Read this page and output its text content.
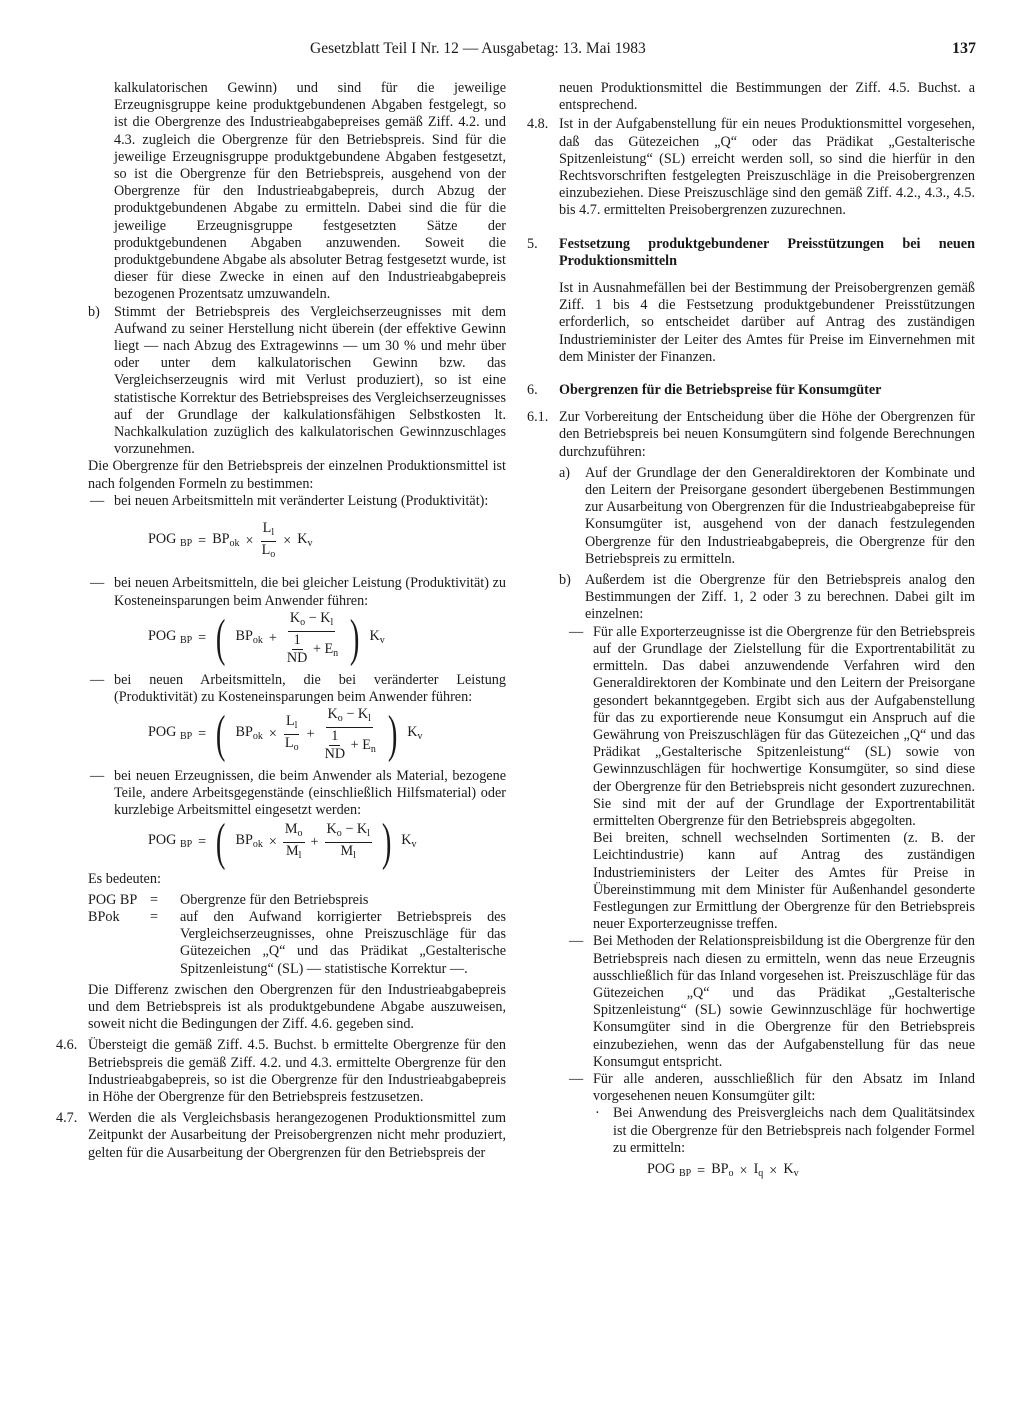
Gesetzblatt Teil I Nr. 12 — Ausgabetag: 13. Mai 1983	137

kalkulatorischen Gewinn) und sind für die jeweilige Erzeugnisgruppe keine produktgebundenen Abgaben festgelegt, so ist die Obergrenze des Industrieabgabepreises gemäß Ziff. 4.2. und 4.3. zugleich die Obergrenze für den Betriebspreis. Sind für die jeweilige Erzeugnisgruppe produktgebundene Abgaben festgesetzt, so ist die Obergrenze für den Betriebspreis, ausgehend von der Obergrenze für den Industrieabgabepreis, durch Abzug der produktgebundenen Abgabe zu ermitteln. Dabei sind die für die jeweilige Erzeugnisgruppe festgesetzten Sätze der produktgebundenen Abgaben anzuwenden. Soweit die produktgebundene Abgabe als absoluter Betrag festgesetzt wurde, ist dieser für diese Zwecke in einen auf den Industrieabgabepreis bezogenen Prozentsatz umzuwandeln.

b) Stimmt der Betriebspreis des Vergleichserzeugnisses mit dem Aufwand zu seiner Herstellung nicht überein (der effektive Gewinn liegt — nach Abzug des Extragewinns — um 30 % und mehr über oder unter dem kalkulatorischen Gewinn bzw. das Vergleichserzeugnis wird mit Verlust produziert), so ist eine statistische Korrektur des Betriebspreises des Vergleichserzeugnisses auf der Grundlage der kalkulationsfähigen Selbstkosten lt. Nachkalkulation zuzüglich des kalkulatorischen Gewinnzuschlages vorzunehmen.

Die Obergrenze für den Betriebspreis der einzelnen Produktionsmittel ist nach folgenden Formeln zu bestimmen:

— bei neuen Arbeitsmitteln mit veränderter Leistung (Produktivität):
POG $_{BP} = BP_{ok} \times \frac{L_l}{L_o} \times K_v$
— bei neuen Arbeitsmitteln, die bei gleicher Leistung (Produktivität) zu Kosteneinsparungen beim Anwender führen:
POG $_{BP}$ = ( $BP_{ok} + \frac{K_o - K_l}{\frac{1}{ND} + E_n}$ ) $K_v$
— bei neuen Arbeitsmitteln, die bei veränderter Leistung (Produktivität) zu Kosteneinsparungen beim Anwender führen:
POG $_{BP}$ = ( $BP_{ok} \times \frac{L_l}{L_o} + \frac{K_o - K_l}{\frac{1}{ND} + E_n}$ ) $K_v$
— bei neuen Erzeugnissen, die beim Anwender als Material, bezogene Teile, andere Arbeitsgegenstände (einschließlich Hilfsmaterial) oder kurzlebige Arbeitsmittel eingesetzt werden:
POG $_{BP}$ = ( $BP_{ok} \times \frac{M_o}{M_l} + \frac{K_o - K_l}{M_l}$ ) $K_v$

Es bedeuten:

POG BP =	Obergrenze für den Betriebspreis
BPok	=	auf den Aufwand korrigierter Betriebspreis des Vergleichserzeugnisses, ohne Preiszuschläge für das Gütezeichen „Q“ und das Prädikat „Gestalterische Spitzenleistung“ (SL) — statistische Korrektur —.

Die Differenz zwischen den Obergrenzen für den Industrieabgabepreis und dem Betriebspreis ist als produktgebundene Abgabe auszuweisen, soweit nicht die Bedingungen der Ziff. 4.6. gegeben sind.

4.6. Übersteigt die gemäß Ziff. 4.5. Buchst. b ermittelte Obergrenze für den Betriebspreis die gemäß Ziff. 4.2. und 4.3. ermittelte Obergrenze für den Industrieabgabepreis, so ist die Obergrenze für den Industrieabgabepreis in Höhe der Obergrenze für den Betriebspreis festzusetzen.
4.7. Werden die als Vergleichsbasis herangezogenen Produktionsmittel zum Zeitpunkt der Ausarbeitung der Preisobergrenzen nicht mehr produziert, gelten für die Ausarbeitung der Obergrenzen für den Betriebspreis der

neuen Produktionsmittel die Bestimmungen der Ziff. 4.5. Buchst. a entsprechend.

4.8. Ist in der Aufgabenstellung für ein neues Produktionsmittel vorgesehen, daß das Gütezeichen „Q“ oder das Prädikat „Gestalterische Spitzenleistung“ (SL) erreicht werden soll, so sind die hierfür in den Rechtsvorschriften festgelegten Preiszuschläge in die Preisobergrenzen einzubeziehen. Diese Preiszuschläge sind den gemäß Ziff. 4.2., 4.3., 4.5. bis 4.7. ermittelten Preisobergrenzen zuzurechnen.
5. Festsetzung produktgebundener Preisstützungen bei neuen Produktionsmitteln

Ist in Ausnahmefällen bei der Bestimmung der Preisobergrenzen gemäß Ziff. 1 bis 4 die Festsetzung produktgebundener Preisstützungen erforderlich, so entscheidet darüber auf Antrag des zuständigen Industrieminister der Leiter des Amtes für Preise im Einvernehmen mit dem Minister der Finanzen.

6. Obergrenzen für die Betriebspreise für Konsumgüter
6.1. Zur Vorbereitung der Entscheidung über die Höhe der Obergrenzen für den Betriebspreis bei neuen Konsumgütern sind folgende Berechnungen durchzuführen:
a) Auf der Grundlage der den Generaldirektoren der Kombinate und den Leitern der Preisorgane gesondert übergebenen Bestimmungen zur Ausarbeitung von Obergrenzen für die Industrieabgabepreise für Konsumgüter ist, ausgehend von der danach festzulegenden Obergrenze für den Industrieabgabepreis, die Obergrenze für den Betriebspreis zu ermitteln.
b) Außerdem ist die Obergrenze für den Betriebspreis analog den Bestimmungen der Ziff. 1, 2 oder 3 zu berechnen. Dabei gilt im einzelnen:
— Für alle Exporterzeugnisse ist die Obergrenze für den Betriebspreis auf der Grundlage der Zielstellung für die Exportrentabilität zu ermitteln. Das dabei anzuwendende Verfahren wird den Generaldirektoren der Kombinate und den Leitern der Preisorgane gesondert bekanntgegeben. Ergibt sich aus der Aufgabenstellung für das zu exportierende neue Konsumgut ein Anspruch auf die Gewährung von Preiszuschlägen für das Gütezeichen „Q“ und das Prädikat „Gestalterische Spitzenleistung“ (SL) sowie von Gewinnzuschlägen für hochwertige Konsumgüter, so sind diese der Obergrenze für den Betriebspreis nicht gesondert zuzurechnen. Sie sind mit der auf der Grundlage der Exportrentabilität ermittelten Obergrenze für den Betriebspreis abgegolten.

Bei breiten, schnell wechselnden Sortimenten (z. B. der Leichtindustrie) kann auf Antrag des zuständigen Industrieministers der Leiter des Amtes für Preise in Übereinstimmung mit dem Minister für Außenhandel gesonderte Festlegungen zur Ermittlung der Obergrenze für den Betriebspreis neuer Exporterzeugnisse treffen.

— Bei Methoden der Relationspreisbildung ist die Obergrenze für den Betriebspreis nach diesen zu ermitteln, wenn das neue Erzeugnis ausschließlich für das Inland vorgesehen ist. Preiszuschläge für das Gütezeichen „Q“ und das Prädikat „Gestalterische Spitzenleistung“ (SL) sowie Gewinnzuschläge für hochwertige Konsumgüter sind in die Obergrenze für den Betriebspreis einzubeziehen, wenn das der Aufgabenstellung für das neue Konsumgut entspricht.
— Für alle anderen, ausschließlich für den Absatz im Inland vorgesehenen neuen Konsumgüter gilt:
· Bei Anwendung des Preisvergleichs nach dem Qualitätsindex ist die Obergrenze für den Betriebspreis nach folgender Formel zu ermitteln:
POG $_{BP} = BP_o \times I_q \times K_v$
